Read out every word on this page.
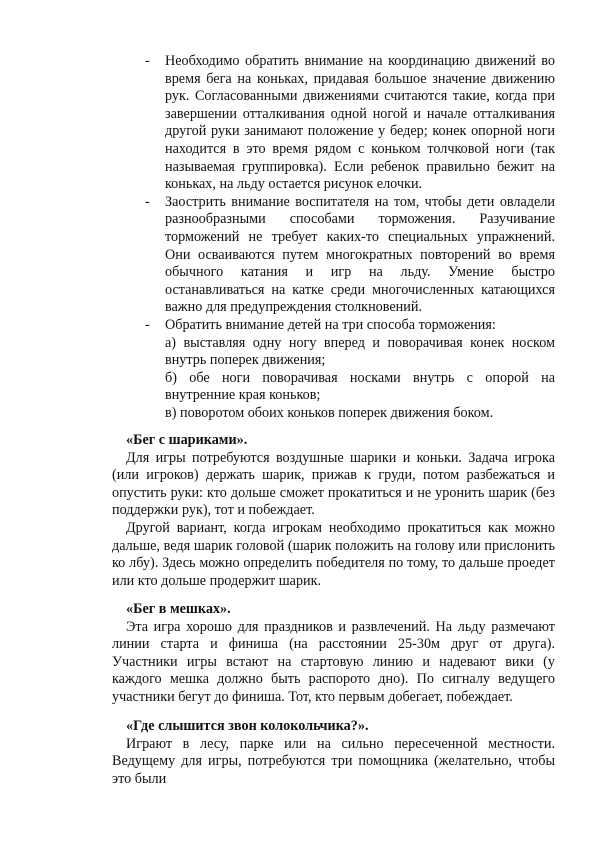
-	Необходимо обратить внимание на координацию движений во время бега на коньках, придавая большое значение движению рук. Согласованными движениями считаются такие, когда при завершении отталкивания одной ногой и начале отталкивания другой руки занимают положение у бедер; конек опорной ноги находится в это время рядом с коньком толчковой ноги (так называемая группировка). Если ребенок правильно бежит на коньках, на льду остается рисунок елочки.
-	Заострить внимание воспитателя на том, чтобы дети овладели разнообразными способами торможения. Разучивание торможений не требует каких-то специальных упражнений. Они осваиваются путем многократных повторений во время обычного катания и игр на льду. Умение быстро останавливаться на катке среди многочисленных катающихся важно для предупреждения столкновений.
-	Обратить внимание детей на три способа торможения:
а) выставляя одну ногу вперед и поворачивая конек носком внутрь поперек движения;
б) обе ноги поворачивая носками внутрь с опорой на внутренние края коньков;
в) поворотом обоих коньков поперек движения боком.
«Бег с шариками».

Для игры потребуются воздушные шарики и коньки. Задача игрока (или игроков) держать шарик, прижав к груди, потом разбежаться и опустить руки: кто дольше сможет прокатиться и не уронить шарик (без поддержки рук), тот и побеждает.

Другой вариант, когда игрокам необходимо прокатиться как можно дальше, ведя шарик головой (шарик положить на голову или прислонить ко лбу). Здесь можно определить победителя по тому, то дальше проедет или кто дольше продержит шарик.

«Бег в мешках».

Эта игра хорошо для праздников и развлечений. На льду размечают линии старта и финиша (на расстоянии 25-30м друг от друга). Участники игры встают на стартовую линию и надевают вики (у каждого мешка должно быть распорото дно). По сигналу ведущего участники бегут до финиша. Тот, кто первым добегает, побеждает.

«Где слышится звон колокольчика?».

Играют в лесу, парке или на сильно пересеченной местности. Ведущему для игры, потребуются три помощника (желательно, чтобы это были
